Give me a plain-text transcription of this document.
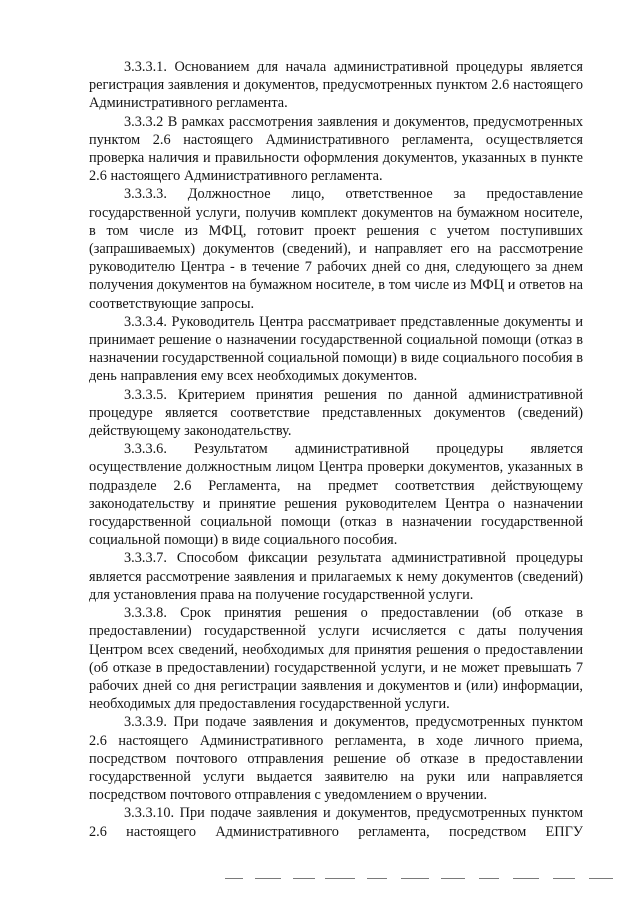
3.3.3.1. Основанием для начала административной процедуры является регистрация заявления и документов, предусмотренных пунктом 2.6 настоящего Административного регламента.

3.3.3.2 В рамках рассмотрения заявления и документов, предусмотренных пунктом 2.6 настоящего Административного регламента, осуществляется проверка наличия и правильности оформления документов, указанных в пункте 2.6 настоящего Административного регламента.

3.3.3.3. Должностное лицо, ответственное за предоставление государственной услуги, получив комплект документов на бумажном носителе, в том числе из МФЦ, готовит проект решения с учетом поступивших (запрашиваемых) документов (сведений), и направляет его на рассмотрение руководителю Центра - в течение 7 рабочих дней со дня, следующего за днем получения документов на бумажном носителе, в том числе из МФЦ и ответов на соответствующие запросы.

3.3.3.4. Руководитель Центра рассматривает представленные документы и принимает решение о назначении государственной социальной помощи (отказ в назначении государственной социальной помощи) в виде социального пособия в день направления ему всех необходимых документов.

3.3.3.5. Критерием принятия решения по данной административной процедуре является соответствие представленных документов (сведений) действующему законодательству.

3.3.3.6. Результатом административной процедуры является осуществление должностным лицом Центра проверки документов, указанных в подразделе 2.6 Регламента, на предмет соответствия действующему законодательству и принятие решения руководителем Центра о назначении государственной социальной помощи (отказ в назначении государственной социальной помощи) в виде социального пособия.

3.3.3.7. Способом фиксации результата административной процедуры является рассмотрение заявления и прилагаемых к нему документов (сведений) для установления права на получение государственной услуги.

3.3.3.8. Срок принятия решения о предоставлении (об отказе в предоставлении) государственной услуги исчисляется с даты получения Центром всех сведений, необходимых для принятия решения о предоставлении (об отказе в предоставлении) государственной услуги, и не может превышать 7 рабочих дней со дня регистрации заявления и документов и (или) информации, необходимых для предоставления государственной услуги.

3.3.3.9. При подаче заявления и документов, предусмотренных пунктом 2.6 настоящего Административного регламента, в ходе личного приема, посредством почтового отправления решение об отказе в предоставлении государственной услуги выдается заявителю на руки или направляется посредством почтового отправления с уведомлением о вручении.

3.3.3.10. При подаче заявления и документов, предусмотренных пунктом 2.6 настоящего Административного регламента, посредством ЕПГУ
